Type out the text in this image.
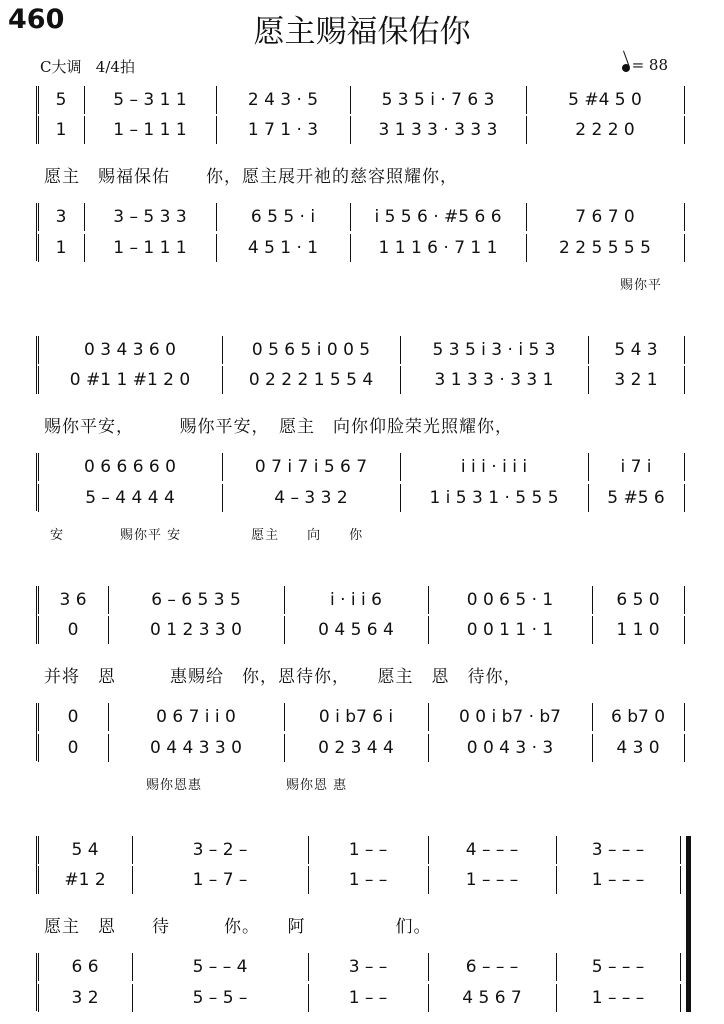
460	愿主赐福保佑你
C大调 4/4拍	= 88
5	5 – 3 1 1	2 4 3 · 5	5 3 5 i · 7 6 3	5 #4 5 0
1	1 – 1 1 1	1 7 1 · 3	3 1 3 3 · 3 3 3	2 2 2 0
3	3 – 5 3 3	6 5 5 · i	i 5 5 6 · #5 6 6	7 6 7 0
1	1 – 1 1 1	4 5 1 · 1	1 1 1 6 · 7 1 1	2 2 5 5 5 5
愿主　赐福保佑　　你，愿主展开祂的慈容照耀你，
赐你平
0 3 4 3 6 0	0 5 6 5 i 0 0 5	5 3 5 i 3 · i 5 3	5 4 3
0 #1 1 #1 2 0	0 2 2 2 1 5 5 4	3 1 3 3 · 3 3 1	3 2 1
0 6 6 6 6 0	0 7 i 7 i 5 6 7	i i i · i i i	i 7 i
5 – 4 4 4 4	4 – 3 3 2	1 i 5 3 1 · 5 5 5	5 #5 6
赐你平安，　　　赐你平安，　愿主　向你仰脸荣光照耀你，
安　　　　赐你平 安　　　　　愿主　　向　　你
3 6	6 – 6 5 3 5	i · i i 6	0 0 6 5 · 1	6 5 0
0	0 1 2 3 3 0	0 4 5 6 4	0 0 1 1 · 1	1 1 0
0	0 6 7 i i 0	0 i b7 6 i	0 0 i b7 · b7	6 b7 0
0	0 4 4 3 3 0	0 2 3 4 4	0 0 4 3 · 3	4 3 0
并将　恩　　　惠赐给　你，恩待你，　　愿主　恩　待你，
赐你恩惠　　　　　　赐你恩 惠
5 4	3 – 2 –	1 – –	4 – – –	3 – – –
#1 2	1 – 7 –	1 – –	1 – – –	1 – – –
6 6	5 – – 4	3 – –	6 – – –	5 – – –
3 2	5 – 5 –	1 – –	4 5 6 7	1 – – –
愿主　恩　　待　　　你。　　阿　　　　　们。
